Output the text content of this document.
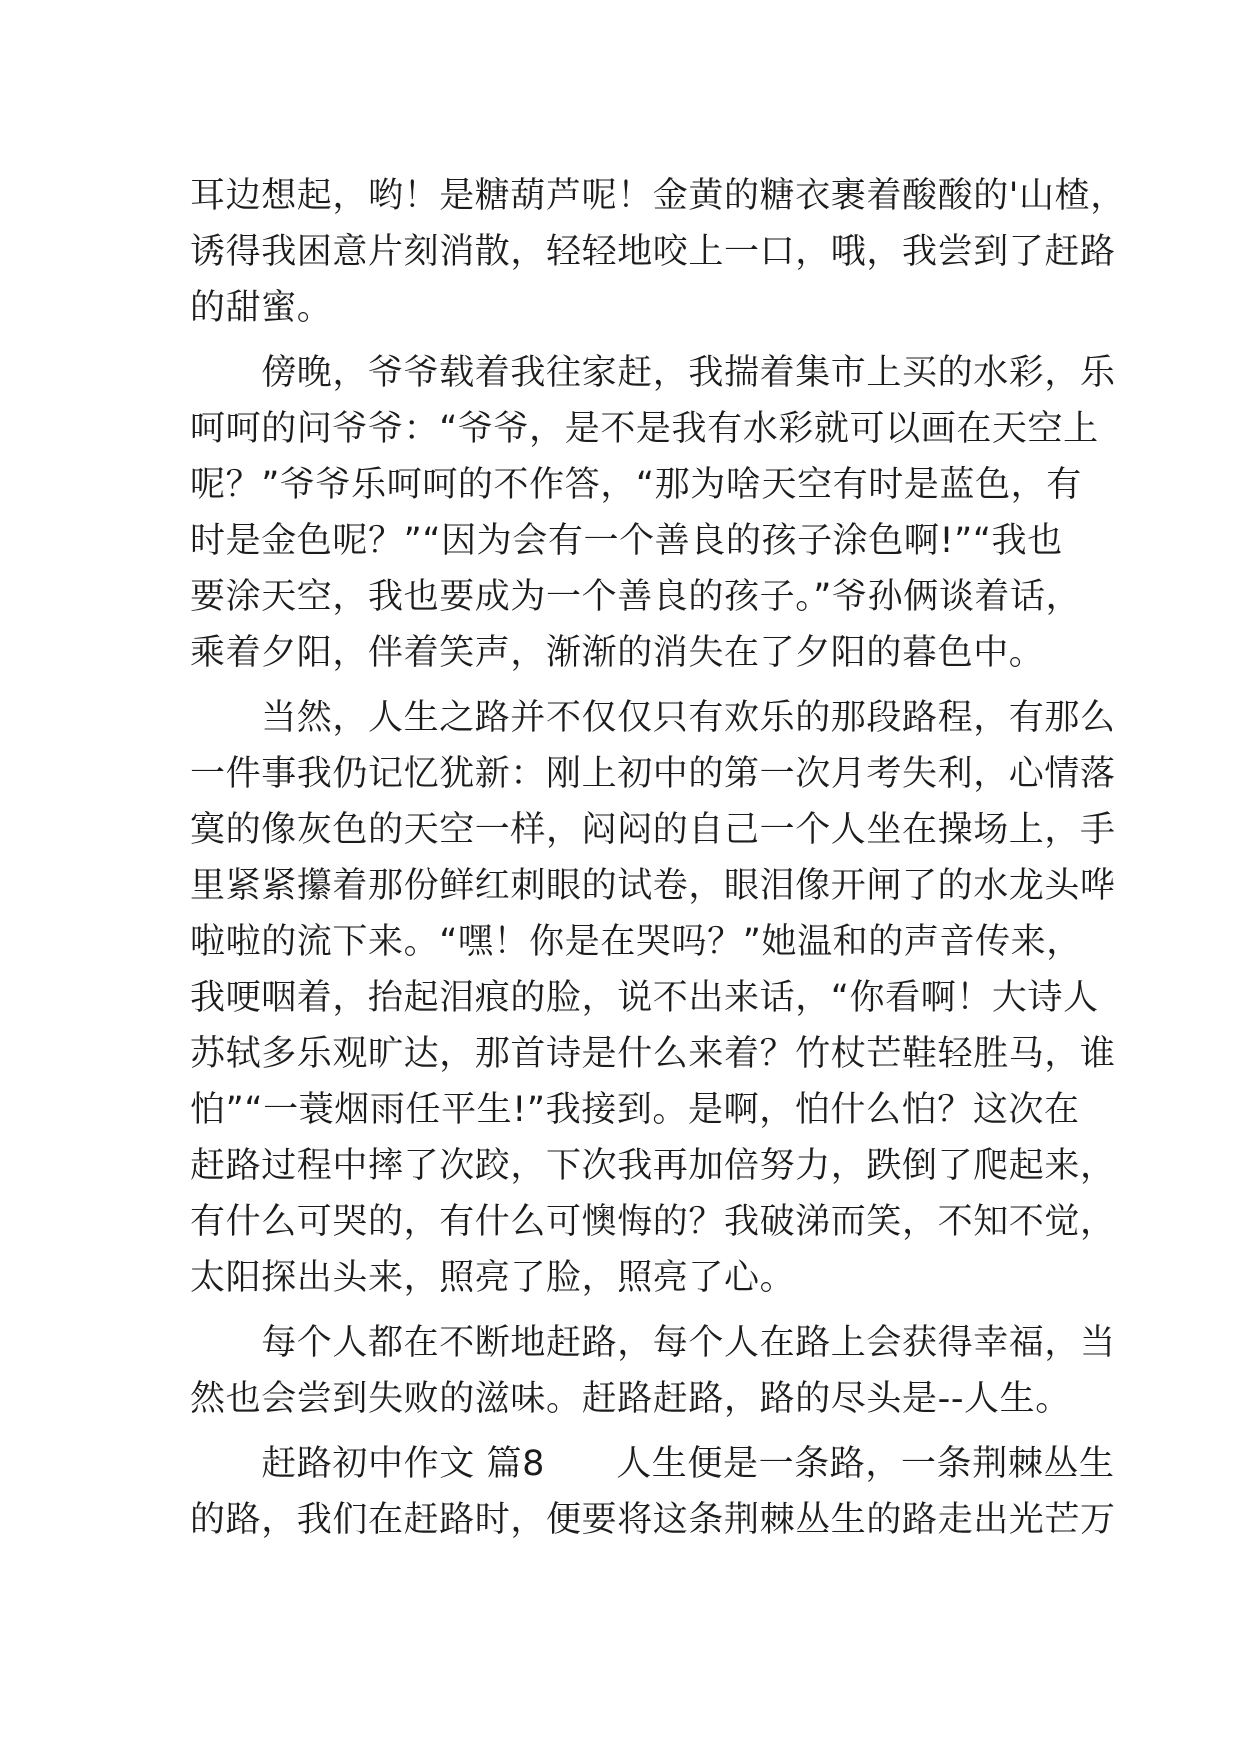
耳边想起，哟！是糖葫芦呢！金黄的糖衣裹着酸酸的'山楂，
诱得我困意片刻消散，轻轻地咬上一口，哦，我尝到了赶路
的甜蜜。
　　傍晚，爷爷载着我往家赶，我揣着集市上买的水彩，乐
呵呵的问爷爷：“爷爷，是不是我有水彩就可以画在天空上
呢？”爷爷乐呵呵的不作答，“那为啥天空有时是蓝色，有
时是金色呢？”“因为会有一个善良的孩子涂色啊!”“我也
要涂天空，我也要成为一个善良的孩子。”爷孙俩谈着话，
乘着夕阳，伴着笑声，渐渐的消失在了夕阳的暮色中。
　　当然，人生之路并不仅仅只有欢乐的那段路程，有那么
一件事我仍记忆犹新：刚上初中的第一次月考失利，心情落
寞的像灰色的天空一样，闷闷的自己一个人坐在操场上，手
里紧紧攥着那份鲜红刺眼的试卷，眼泪像开闸了的水龙头哗
啦啦的流下来。“嘿！你是在哭吗？”她温和的声音传来，
我哽咽着，抬起泪痕的脸，说不出来话，“你看啊！大诗人
苏轼多乐观旷达，那首诗是什么来着？竹杖芒鞋轻胜马，谁
怕”“一蓑烟雨任平生!”我接到。是啊，怕什么怕？这次在
赶路过程中摔了次跤，下次我再加倍努力，跌倒了爬起来，
有什么可哭的，有什么可懊悔的？我破涕而笑，不知不觉，
太阳探出头来，照亮了脸，照亮了心。
　　每个人都在不断地赶路，每个人在路上会获得幸福，当
然也会尝到失败的滋味。赶路赶路，路的尽头是--人生。
　　赶路初中作文 篇8　　人生便是一条路，一条荆棘丛生
的路，我们在赶路时，便要将这条荆棘丛生的路走出光芒万
